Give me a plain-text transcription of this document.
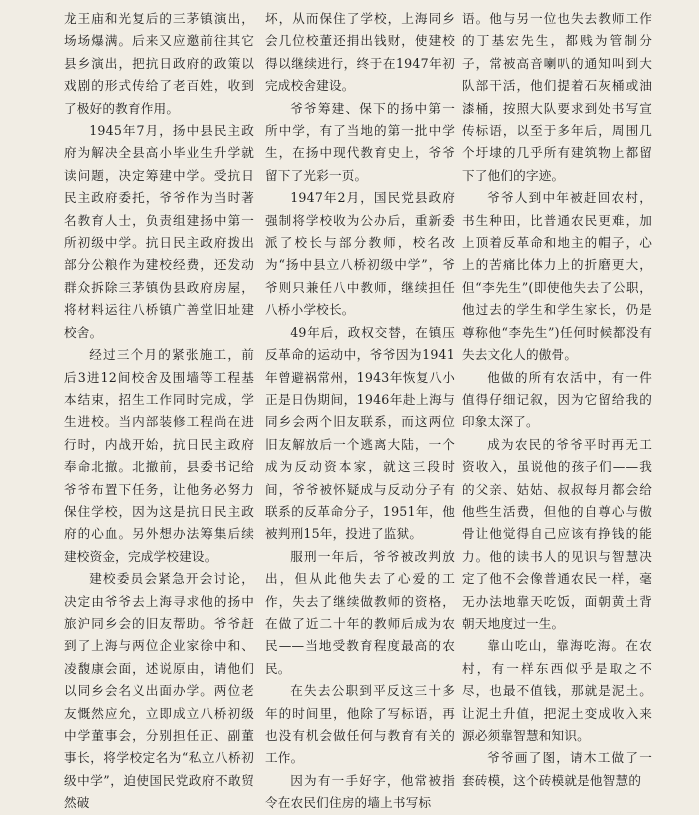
龙王庙和光复后的三茅镇演出，场场爆满。后来又应邀前往其它县乡演出，把抗日政府的政策以戏剧的形式传给了老百姓，收到了极好的教育作用。

1945年7月，扬中县民主政府为解决全县高小毕业生升学就读问题，决定筹建中学。受抗日民主政府委托，爷爷作为当时著名教育人士，负责组建扬中第一所初级中学。抗日民主政府拨出部分公粮作为建校经费，还发动群众拆除三茅镇伪县政府房屋，将材料运往八桥镇广善堂旧址建校舍。

经过三个月的紧张施工，前后3进12间校舍及围墙等工程基本结束，招生工作同时完成，学生进校。当内部装修工程尚在进行时，内战开始，抗日民主政府奉命北撤。北撤前，县委书记给爷爷布置下任务，让他务必努力保住学校，因为这是抗日民主政府的心血。另外想办法筹集后续建校资金，完成学校建设。

建校委员会紧急开会讨论，决定由爷爷去上海寻求他的扬中旅沪同乡会的旧友帮助。爷爷赶到了上海与两位企业家徐中和、凌馥康会面，述说原由，请他们以同乡会名义出面办学。两位老友慨然应允，立即成立八桥初级中学董事会，分别担任正、副董事长，将学校定名为“私立八桥初级中学”，迫使国民党政府不敢贸然破

坏，从而保住了学校，上海同乡会几位校董还捐出钱财，使建校得以继续进行，终于在1947年初完成校舍建设。

爷爷筹建、保下的扬中第一所中学，有了当地的第一批中学生，在扬中现代教育史上，爷爷留下了光彩一页。

1947年2月，国民党县政府强制将学校收为公办后，重新委派了校长与部分教师，校名改为“扬中县立八桥初级中学”，爷爷则只兼任八中教师，继续担任八桥小学校长。

49年后，政权交替，在镇压反革命的运动中，爷爷因为1941年曾避祸常州，1943年恢复八小正是日伪期间，1946年赴上海与同乡会两个旧友联系，而这两位旧友解放后一个逃离大陆，一个成为反动资本家，就这三段时间，爷爷被怀疑成与反动分子有联系的反革命分子，1951年，他被判刑15年，投进了监狱。

服刑一年后，爷爷被改判放出，但从此他失去了心爱的工作，失去了继续做教师的资格，在做了近二十年的教师后成为农民——当地受教育程度最高的农民。

在失去公职到平反这三十多年的时间里，他除了写标语，再也没有机会做任何与教育有关的工作。

因为有一手好字，他常被指令在农民们住房的墙上书写标

语。他与另一位也失去教师工作的丁基宏先生，都贱为管制分子，常被高音喇叭的通知叫到大队部干活，他们提着石灰桶或油漆桶，按照大队要求到处书写宣传标语，以至于多年后，周围几个圩埭的几乎所有建筑物上都留下了他们的字迹。

爷爷人到中年被赶回农村，书生种田，比普通农民更难，加上顶着反革命和地主的帽子，心上的苦痛比体力上的折磨更大，但“李先生”(即使他失去了公职，他过去的学生和学生家长，仍是尊称他“李先生”)任何时候都没有失去文化人的傲骨。

他做的所有农活中，有一件值得仔细记叙，因为它留给我的印象太深了。

成为农民的爷爷平时再无工资收入，虽说他的孩子们——我的父亲、姑姑、叔叔每月都会给他些生活费，但他的自尊心与傲骨让他觉得自己应该有挣钱的能力。他的读书人的见识与智慧决定了他不会像普通农民一样，毫无办法地靠天吃饭，面朝黄土背朝天地度过一生。

靠山吃山，靠海吃海。在农村，有一样东西似乎是取之不尽，也最不值钱，那就是泥土。让泥土升值，把泥土变成收入来源必须靠智慧和知识。

爷爷画了图，请木工做了一套砖模，这个砖模就是他智慧的
